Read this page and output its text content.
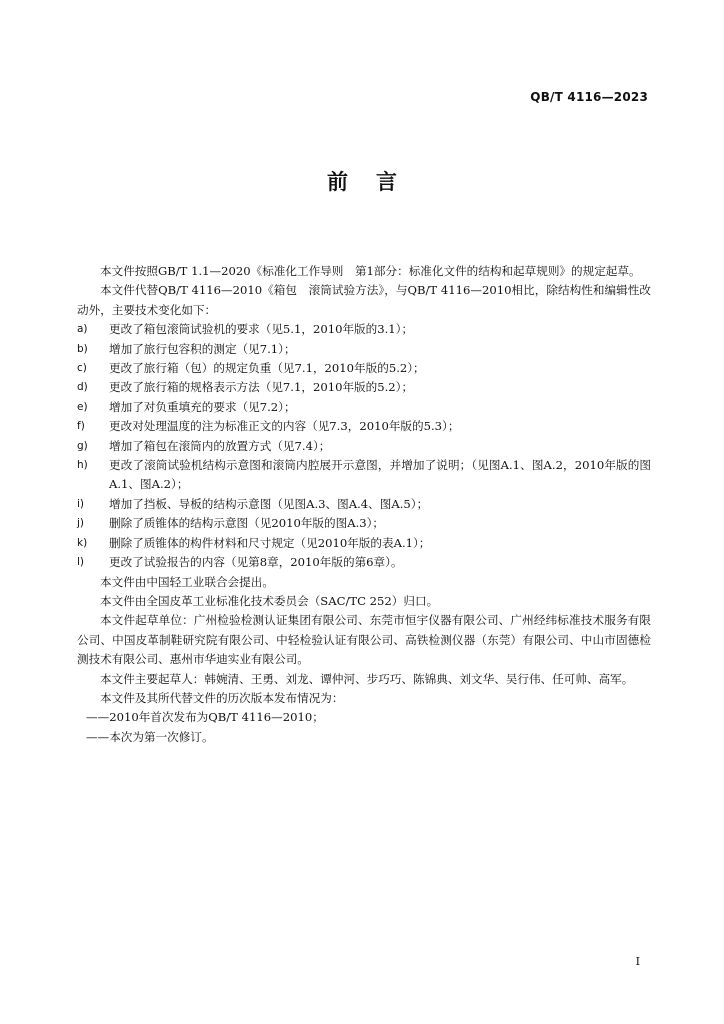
QB/T 4116—2023
前言

本文件按照GB/T 1.1—2020《标准化工作导则　第1部分：标准化文件的结构和起草规则》的规定起草。

本文件代替QB/T 4116—2010《箱包　滚筒试验方法》，与QB/T 4116—2010相比，除结构性和编辑性改动外，主要技术变化如下：

a)	更改了箱包滚筒试验机的要求（见5.1，2010年版的3.1）；
b)	增加了旅行包容积的测定（见7.1）；
c)	更改了旅行箱（包）的规定负重（见7.1，2010年版的5.2）；
d)	更改了旅行箱的规格表示方法（见7.1，2010年版的5.2）；
e)	增加了对负重填充的要求（见7.2）；
f)	更改对处理温度的注为标准正文的内容（见7.3，2010年版的5.3）；
g)	增加了箱包在滚筒内的放置方式（见7.4）；
h)	更改了滚筒试验机结构示意图和滚筒内腔展开示意图，并增加了说明；（见图A.1、图A.2，2010年版的图A.1、图A.2）；
i)	增加了挡板、导板的结构示意图（见图A.3、图A.4、图A.5）；
j)	删除了质锥体的结构示意图（见2010年版的图A.3）；
k)	删除了质锥体的构件材料和尺寸规定（见2010年版的表A.1）；
l)	更改了试验报告的内容（见第8章，2010年版的第6章）。

本文件由中国轻工业联合会提出。

本文件由全国皮革工业标准化技术委员会（SAC/TC 252）归口。

本文件起草单位：广州检验检测认证集团有限公司、东莞市恒宇仪器有限公司、广州经纬标准技术服务有限公司、中国皮革制鞋研究院有限公司、中轻检验认证有限公司、高铁检测仪器（东莞）有限公司、中山市固德检测技术有限公司、惠州市华迪实业有限公司。

本文件主要起草人：韩婉清、王勇、刘龙、谭仲河、步巧巧、陈锦典、刘文华、吴行伟、任可帅、高军。

本文件及其所代替文件的历次版本发布情况为：

——2010年首次发布为QB/T 4116—2010；

——本次为第一次修订。

I
